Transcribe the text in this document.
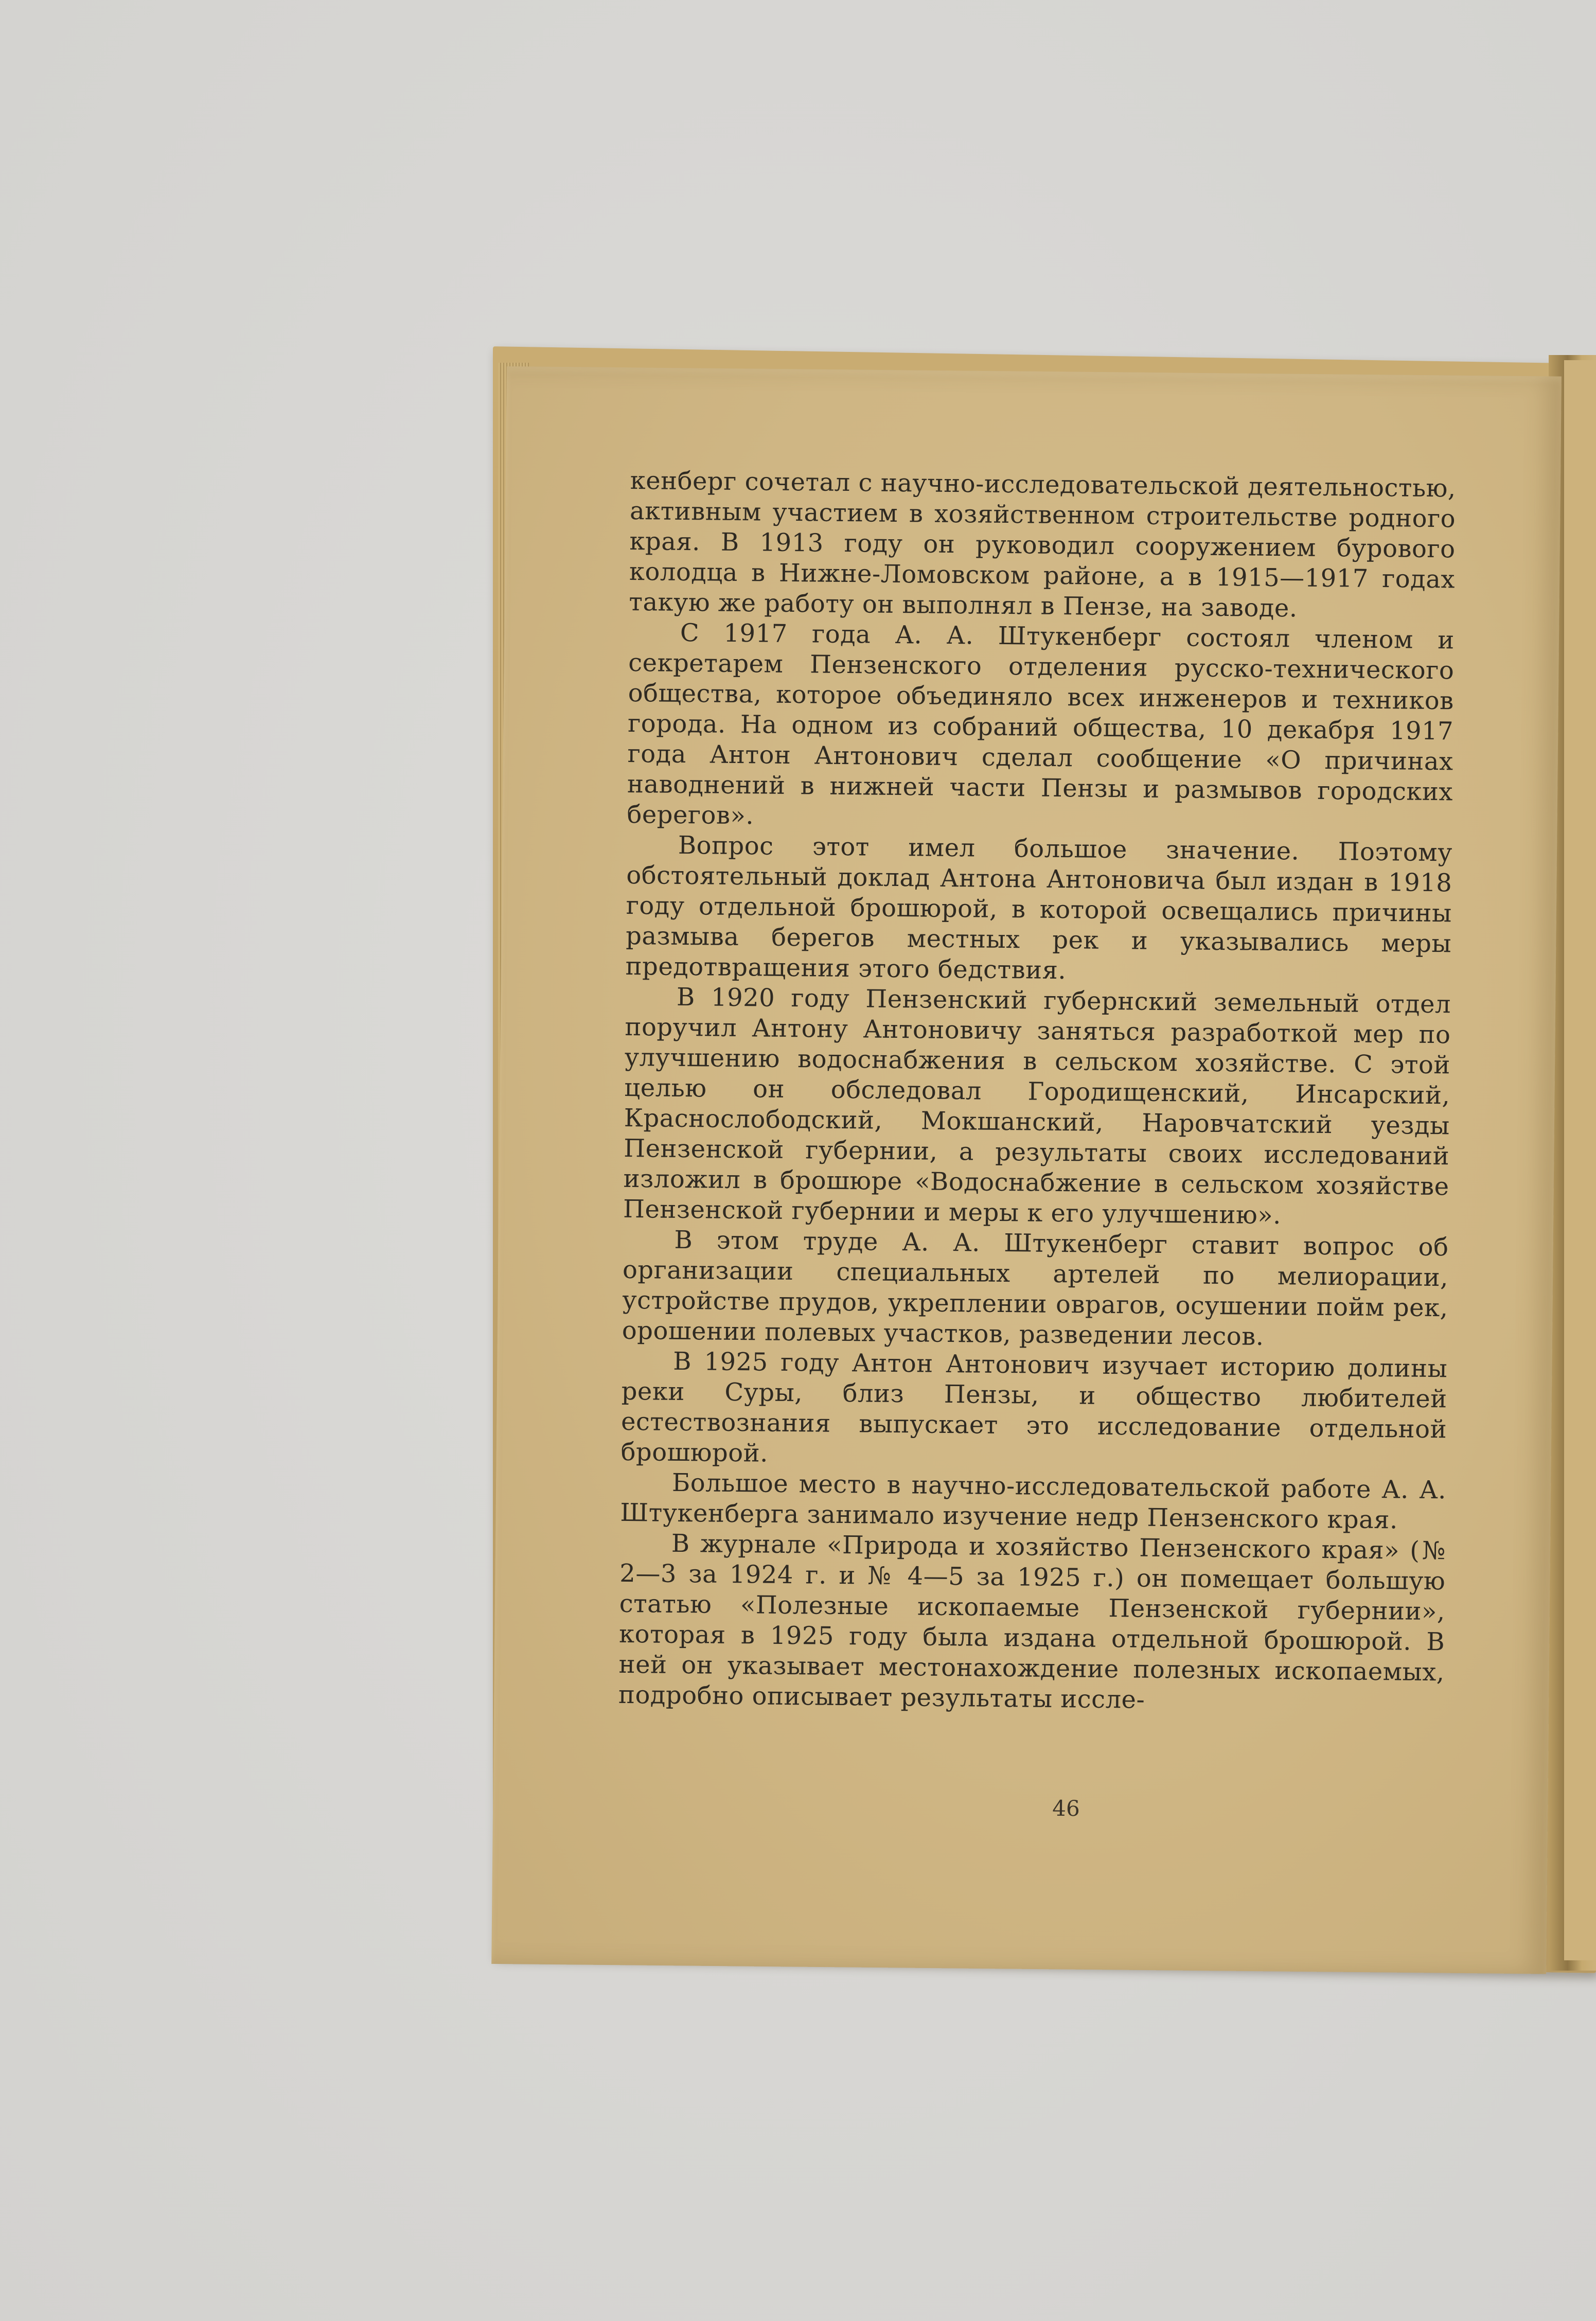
кенберг сочетал с научно-исследовательской деятельностью, активным участием в хозяйственном строительстве родного края. В 1913 году он руководил сооружением бурового колодца в Нижне-Ломовском районе, а в 1915—1917 годах такую же работу он выполнял в Пензе, на заводе.

С 1917 года А. А. Штукенберг состоял членом и секретарем Пензенского отделения русско-технического общества, которое объединяло всех инженеров и техников города. На одном из собраний общества, 10 декабря 1917 года Антон Антонович сделал сообщение «О причинах наводнений в нижней части Пензы и размывов городских берегов».

Вопрос этот имел большое значение. Поэтому обстоятельный доклад Антона Антоновича был издан в 1918 году отдельной брошюрой, в которой освещались причины размыва берегов местных рек и указывались меры предотвращения этого бедствия.

В 1920 году Пензенский губернский земельный отдел поручил Антону Антоновичу заняться разработкой мер по улучшению водоснабжения в сельском хозяйстве. С этой целью он обследовал Городищенский, Инсарский, Краснослободский, Мокшанский, Наровчатский уезды Пензенской губернии, а результаты своих исследований изложил в брошюре «Водоснабжение в сельском хозяйстве Пензенской губернии и меры к его улучшению».

В этом труде А. А. Штукенберг ставит вопрос об организации специальных артелей по мелиорации, устройстве прудов, укреплении оврагов, осушении пойм рек, орошении полевых участков, разведении лесов.

В 1925 году Антон Антонович изучает историю долины реки Суры, близ Пензы, и общество любителей естествознания выпускает это исследование отдельной брошюрой.

Большое место в научно-исследовательской работе А. А. Штукенберга занимало изучение недр Пензенского края.

В журнале «Природа и хозяйство Пензенского края» (№ 2—3 за 1924 г. и № 4—5 за 1925 г.) он помещает большую статью «Полезные ископаемые Пензенской губернии», которая в 1925 году была издана отдельной брошюрой. В ней он указывает местонахождение полезных ископаемых, подробно описывает результаты иссле-

46
